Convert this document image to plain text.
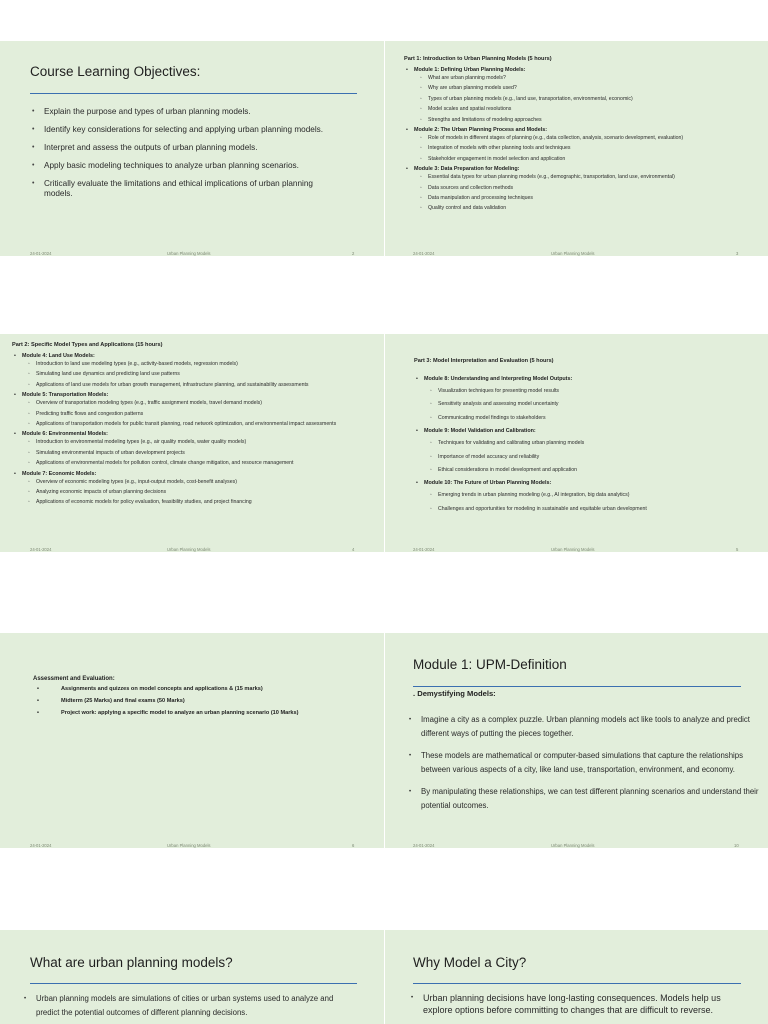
Course Learning Objectives:
• Explain the purpose and types of urban planning models.
• Identify key considerations for selecting and applying urban planning models.
• Interpret and assess the outputs of urban planning models.
• Apply basic modeling techniques to analyze urban planning scenarios.
• Critically evaluate the limitations and ethical implications of urban planning models.
24-01-2024	Urban Planning Models	2

Part 1: Introduction to Urban Planning Models (5 hours)

• Module 1: Defining Urban Planning Models:

◦ What are urban planning models?

◦ Why are urban planning models used?

◦ Types of urban planning models (e.g., land use, transportation, environmental, economic)

◦ Model scales and spatial resolutions

◦ Strengths and limitations of modeling approaches

• Module 2: The Urban Planning Process and Models:

◦ Role of models in different stages of planning (e.g., data collection, analysis, scenario development, evaluation)

◦ Integration of models with other planning tools and techniques

◦ Stakeholder engagement in model selection and application

• Module 3: Data Preparation for Modeling:

◦ Essential data types for urban planning models (e.g., demographic, transportation, land use, environmental)

◦ Data sources and collection methods

◦ Data manipulation and processing techniques

◦ Quality control and data validation

24-01-2024	Urban Planning Models	3

Part 2: Specific Model Types and Applications (15 hours)

• Module 4: Land Use Models:

◦ Introduction to land use modeling types (e.g., activity-based models, regression models)

◦ Simulating land use dynamics and predicting land use patterns

◦ Applications of land use models for urban growth management, infrastructure planning, and sustainability assessments

• Module 5: Transportation Models:

◦ Overview of transportation modeling types (e.g., traffic assignment models, travel demand models)

◦ Predicting traffic flows and congestion patterns

◦ Applications of transportation models for public transit planning, road network optimization, and environmental impact assessments

• Module 6: Environmental Models:

◦ Introduction to environmental modeling types (e.g., air quality models, water quality models)

◦ Simulating environmental impacts of urban development projects

◦ Applications of environmental models for pollution control, climate change mitigation, and resource management

• Module 7: Economic Models:

◦ Overview of economic modeling types (e.g., input-output models, cost-benefit analyses)

◦ Analyzing economic impacts of urban planning decisions

◦ Applications of economic models for policy evaluation, feasibility studies, and project financing

24-01-2024	Urban Planning Models	4

Part 3: Model Interpretation and Evaluation (5 hours)

• Module 8: Understanding and Interpreting Model Outputs:

◦ Visualization techniques for presenting model results

◦ Sensitivity analysis and assessing model uncertainty

◦ Communicating model findings to stakeholders

• Module 9: Model Validation and Calibration:

◦ Techniques for validating and calibrating urban planning models

◦ Importance of model accuracy and reliability

◦ Ethical considerations in model development and application

• Module 10: The Future of Urban Planning Models:

◦ Emerging trends in urban planning modeling (e.g., AI integration, big data analytics)

◦ Challenges and opportunities for modeling in sustainable and equitable urban development

24-01-2024	Urban Planning Models	5

Assessment and Evaluation:

• Assignments and quizzes on model concepts and applications & (15 marks)
• Midterm (25 Marks) and final exams (50 Marks)
• Project work: applying a specific model to analyze an urban planning scenario (10 Marks)
24-01-2024	Urban Planning Models	6
Module 1: UPM-Definition

. Demystifying Models:

• Imagine a city as a complex puzzle. Urban planning models act like tools to analyze and predict different ways of putting the pieces together.
• These models are mathematical or computer-based simulations that capture the relationships between various aspects of a city, like land use, transportation, environment, and economy.
• By manipulating these relationships, we can test different planning scenarios and understand their potential outcomes.
24-01-2024	Urban Planning Models	10
What are urban planning models?
• Urban planning models are simulations of cities or urban systems used to analyze and predict the potential outcomes of different planning decisions.
Why Model a City?
• Urban planning decisions have long-lasting consequences. Models help us explore options before committing to changes that are difficult to reverse.
